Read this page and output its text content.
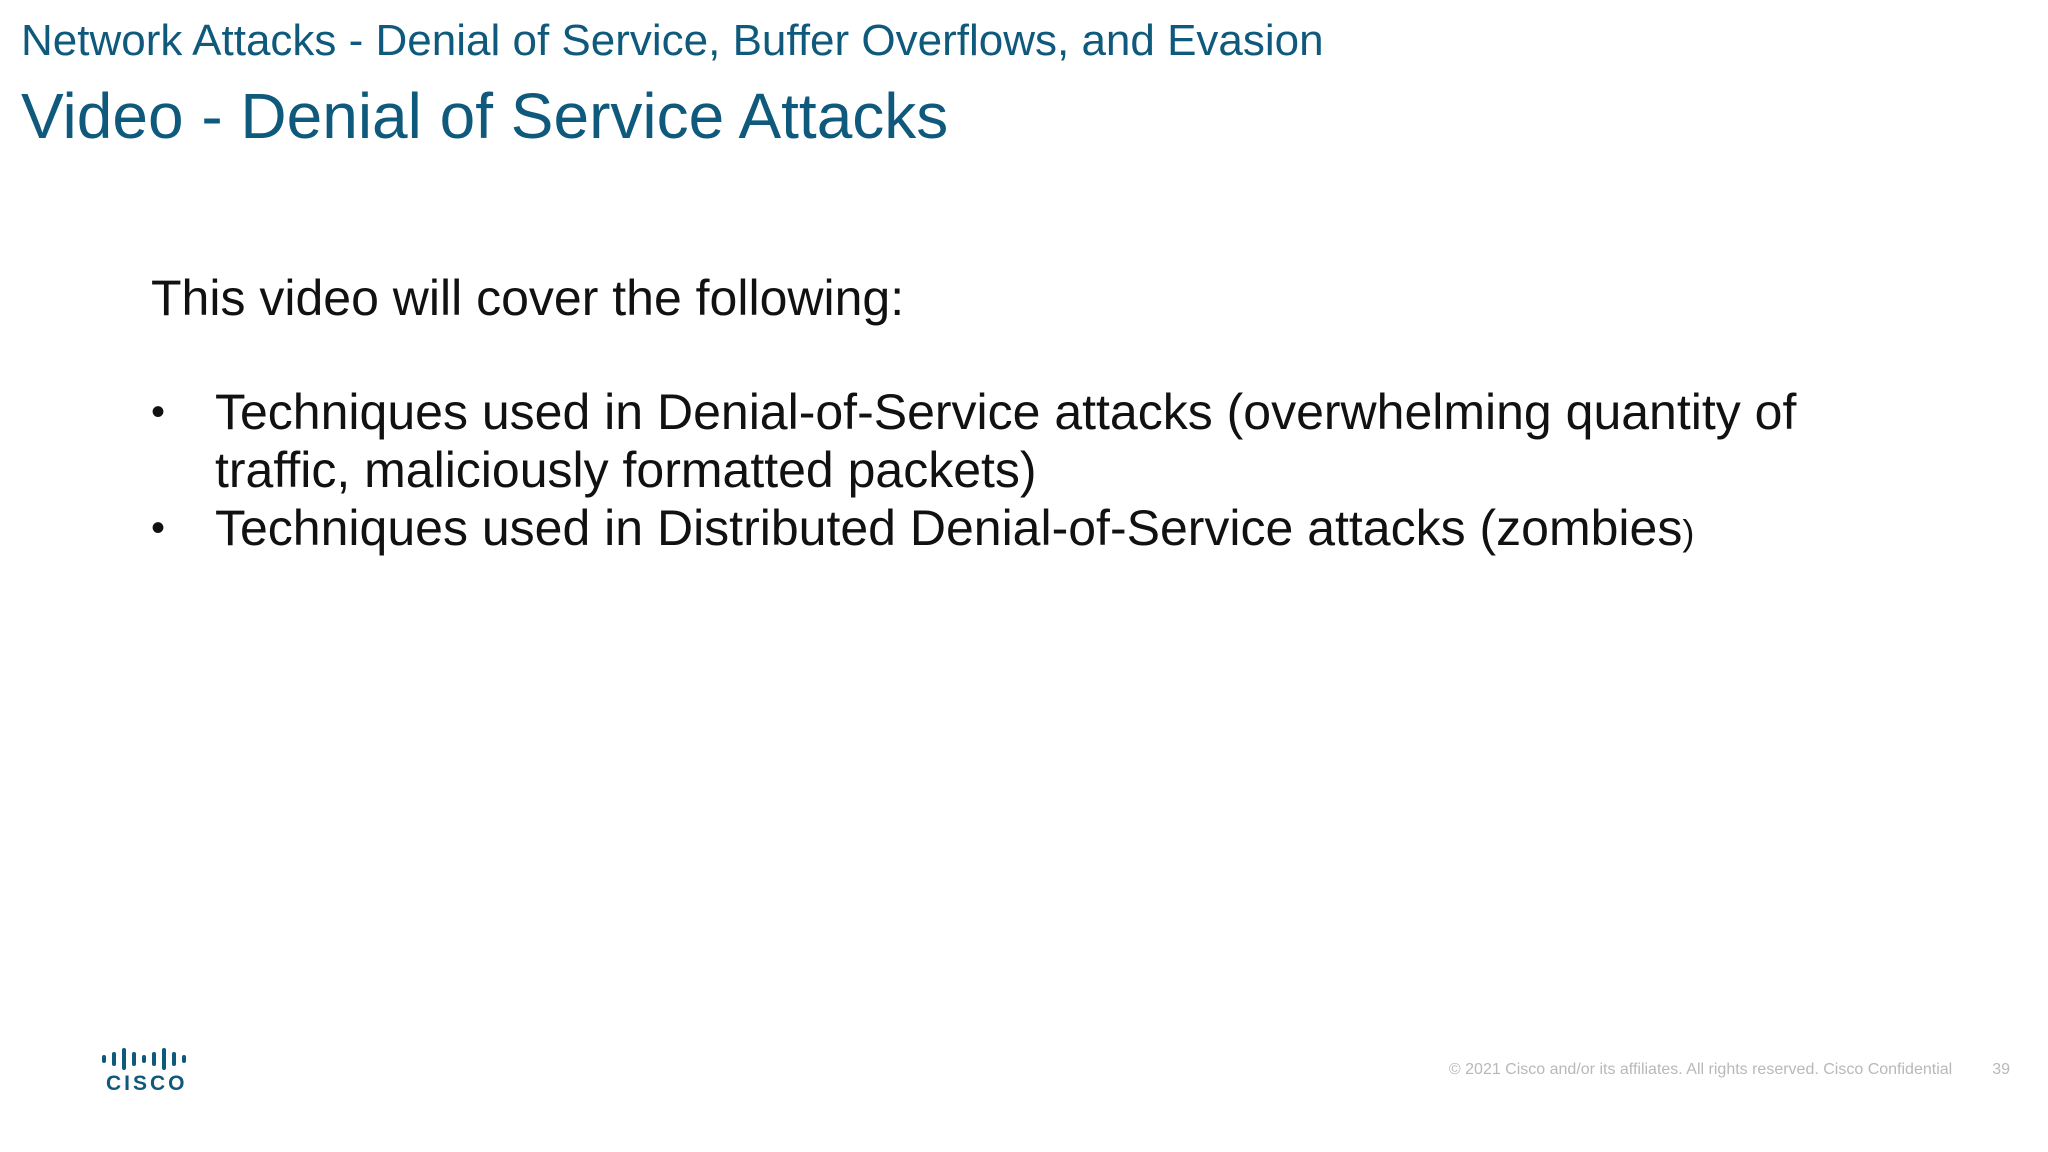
Network Attacks - Denial of Service, Buffer Overflows, and Evasion
Video - Denial of Service Attacks

This video will cover the following:

• Techniques used in Denial-of-Service attacks (overwhelming quantity of
traffic, maliciously formatted packets)
• Techniques used in Distributed Denial-of-Service attacks (zombies)
CISCO
© 2021 Cisco and/or its affiliates. All rights reserved. Cisco Confidential	39
